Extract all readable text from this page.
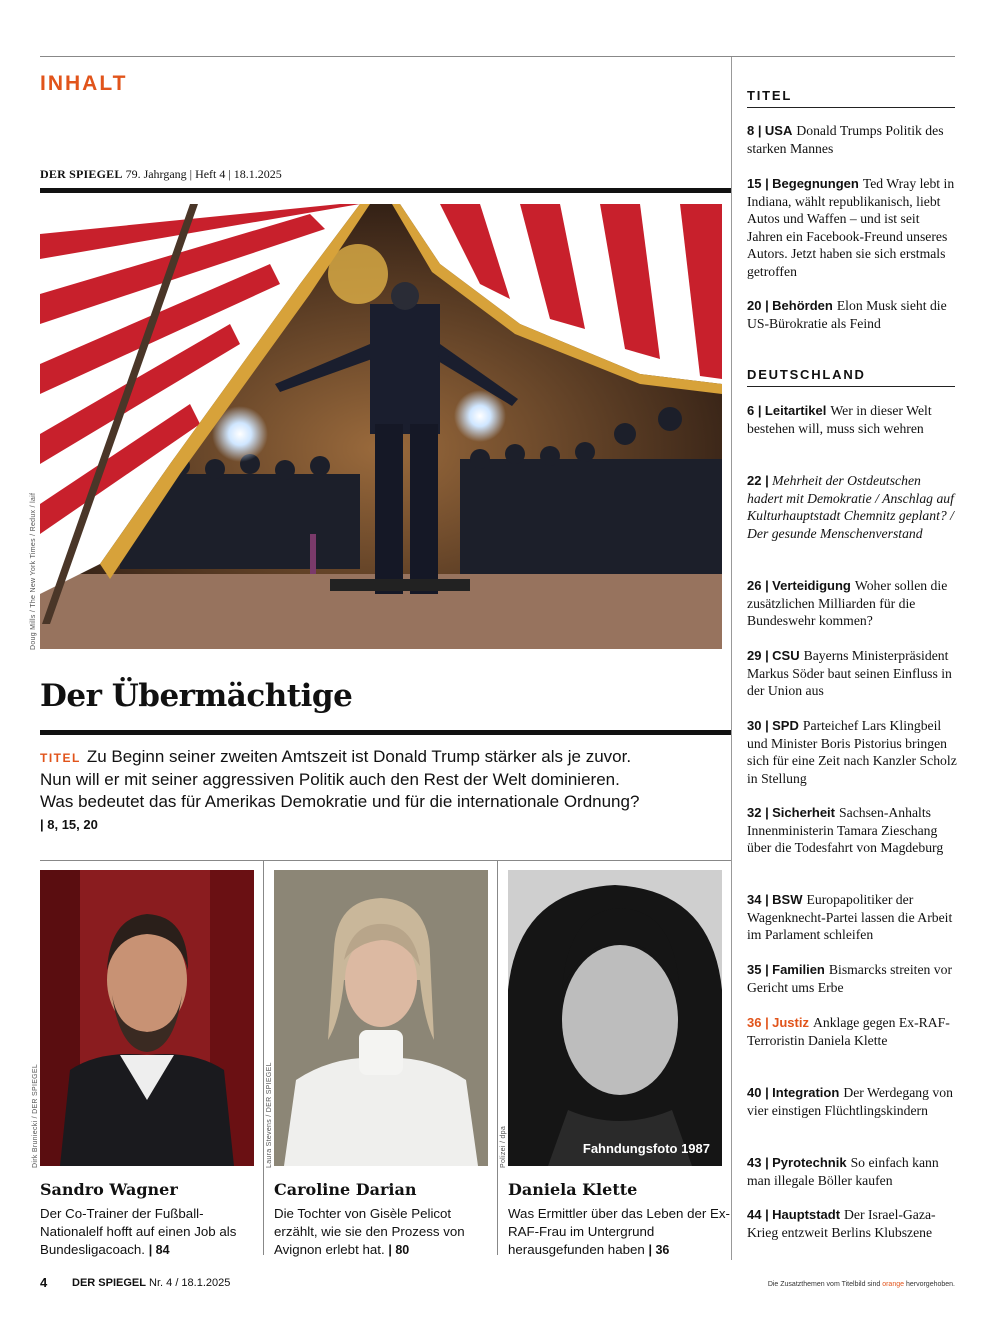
INHALT
DER SPIEGEL 79. Jahrgang | Heft 4 | 18.1.2025
Doug Mills / The New York Times / Redux / laif
Der Übermächtige
TITEL Zu Beginn seiner zweiten Amtszeit ist Donald Trump stärker als je zuvor. Nun will er mit seiner aggressiven Politik auch den Rest der Welt dominieren. Was bedeutet das für Amerikas Demokratie und für die internationale Ordnung? | 8, 15, 20
Dirk Bruniecki / DER SPIEGEL
Sandro Wagner
Der Co-Trainer der Fußball-Nationalelf hofft auf einen Job als Bundesligacoach. | 84
Laura Stevens / DER SPIEGEL
Caroline Darian
Die Tochter von Gisèle Pelicot erzählt, wie sie den Prozess von Avignon erlebt hat. | 80
Fahndungsfoto 1987
Polizei / dpa
Daniela Klette
Was Ermittler über das Leben der Ex-RAF-Frau im Untergrund herausgefunden haben | 36
TITEL
8 | USA Donald Trumps Politik des starken Mannes
15 | Begegnungen Ted Wray lebt in Indiana, wählt republikanisch, liebt Autos und Waffen – und ist seit Jahren ein Facebook-Freund unseres Autors. Jetzt haben sie sich erstmals getroffen
20 | Behörden Elon Musk sieht die US-Bürokratie als Feind
DEUTSCHLAND
6 | Leitartikel Wer in dieser Welt bestehen will, muss sich wehren
22 | Mehrheit der Ostdeutschen hadert mit Demokratie / Anschlag auf Kulturhauptstadt Chemnitz geplant? / Der gesunde Menschenverstand
26 | Verteidigung Woher sollen die zusätzlichen Milliarden für die Bundeswehr kommen?
29 | CSU Bayerns Ministerpräsident Markus Söder baut seinen Einfluss in der Union aus
30 | SPD Parteichef Lars Klingbeil und Minister Boris Pistorius bringen sich für eine Zeit nach Kanzler Scholz in Stellung
32 | Sicherheit Sachsen-Anhalts Innenministerin Tamara Zieschang über die Todesfahrt von Magdeburg
34 | BSW Europapolitiker der Wagenknecht-Partei lassen die Arbeit im Parlament schleifen
35 | Familien Bismarcks streiten vor Gericht ums Erbe
36 | Justiz Anklage gegen Ex-RAF-Terroristin Daniela Klette
40 | Integration Der Werdegang von vier einstigen Flüchtlingskindern
43 | Pyrotechnik So einfach kann man illegale Böller kaufen
44 | Hauptstadt Der Israel-Gaza-Krieg entzweit Berlins Klubszene
4 DER SPIEGEL Nr. 4 / 18.1.2025	Die Zusatzthemen vom Titelbild sind orange hervorgehoben.
